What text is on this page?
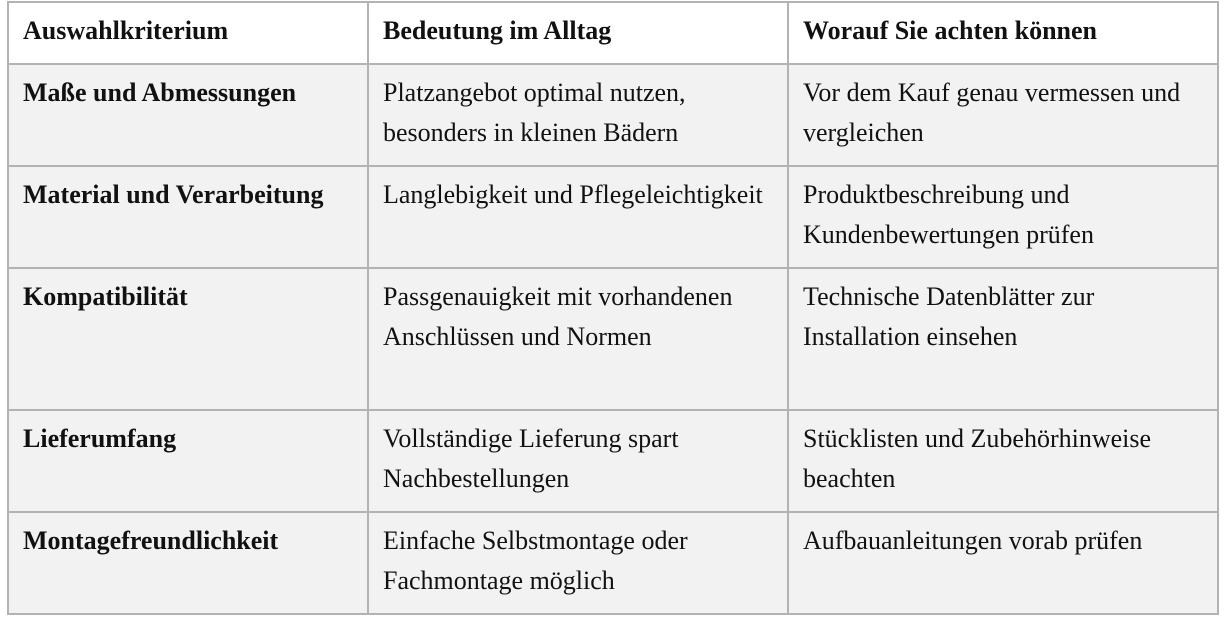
Auswahlkriterium	Bedeutung im Alltag	Worauf Sie achten können
Maße und Abmessungen	Platzangebot optimal nutzen, besonders in kleinen Bädern	Vor dem Kauf genau vermessen und vergleichen
Material und Verarbeitung	Langlebigkeit und Pflegeleichtigkeit	Produktbeschreibung und Kundenbewertungen prüfen
Kompatibilität	Passgenauigkeit mit vorhandenen Anschlüssen und Normen	Technische Datenblätter zur Installation einsehen
Lieferumfang	Vollständige Lieferung spart Nachbestellungen	Stücklisten und Zubehörhinweise beachten
Montagefreundlichkeit	Einfache Selbstmontage oder Fachmontage möglich	Aufbauanleitungen vorab prüfen
